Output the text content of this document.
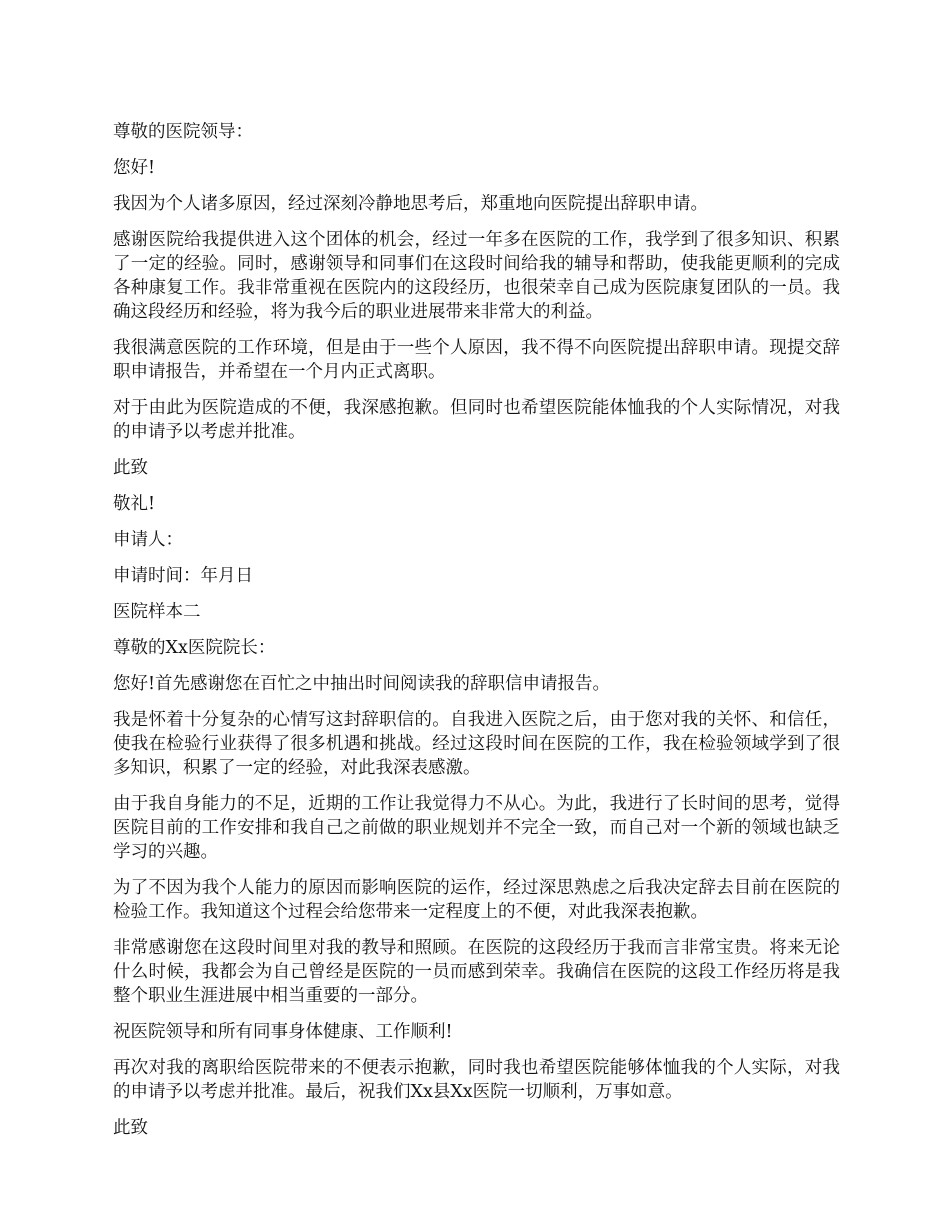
尊敬的医院领导：

您好!

我因为个人诸多原因，经过深刻冷静地思考后，郑重地向医院提出辞职申请。

感谢医院给我提供进入这个团体的机会，经过一年多在医院的工作，我学到了很多知识、积累了一定的经验。同时，感谢领导和同事们在这段时间给我的辅导和帮助，使我能更顺利的完成各种康复工作。我非常重视在医院内的这段经历，也很荣幸自己成为医院康复团队的一员。我确这段经历和经验，将为我今后的职业进展带来非常大的利益。

我很满意医院的工作环境，但是由于一些个人原因，我不得不向医院提出辞职申请。现提交辞职申请报告，并希望在一个月内正式离职。

对于由此为医院造成的不便，我深感抱歉。但同时也希望医院能体恤我的个人实际情况，对我的申请予以考虑并批准。

此致

敬礼!

申请人：

申请时间：年月日

医院样本二

尊敬的Xx医院院长：

您好!首先感谢您在百忙之中抽出时间阅读我的辞职信申请报告。

我是怀着十分复杂的心情写这封辞职信的。自我进入医院之后，由于您对我的关怀、和信任，使我在检验行业获得了很多机遇和挑战。经过这段时间在医院的工作，我在检验领域学到了很多知识，积累了一定的经验，对此我深表感激。

由于我自身能力的不足，近期的工作让我觉得力不从心。为此，我进行了长时间的思考，觉得医院目前的工作安排和我自己之前做的职业规划并不完全一致，而自己对一个新的领域也缺乏学习的兴趣。

为了不因为我个人能力的原因而影响医院的运作，经过深思熟虑之后我决定辞去目前在医院的检验工作。我知道这个过程会给您带来一定程度上的不便，对此我深表抱歉。

非常感谢您在这段时间里对我的教导和照顾。在医院的这段经历于我而言非常宝贵。将来无论什么时候，我都会为自己曾经是医院的一员而感到荣幸。我确信在医院的这段工作经历将是我整个职业生涯进展中相当重要的一部分。

祝医院领导和所有同事身体健康、工作顺利!

再次对我的离职给医院带来的不便表示抱歉，同时我也希望医院能够体恤我的个人实际，对我的申请予以考虑并批准。最后，祝我们Xx县Xx医院一切顺利，万事如意。

此致
